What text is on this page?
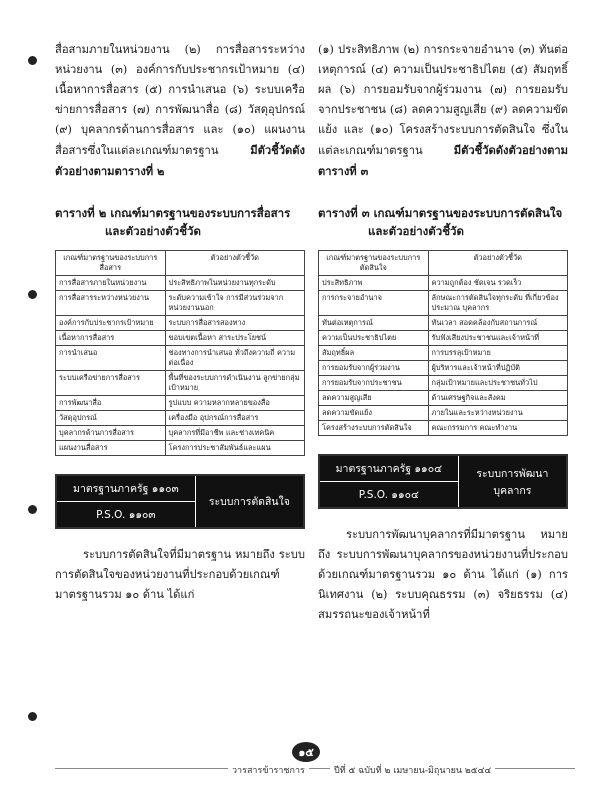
สื่อสามภายในหน่วยงาน (๒) การสื่อสารระหว่างหน่วยงาน (๓) องค์การกับประชากรเป้าหมาย (๔) เนื้อหาการสื่อสาร (๕) การนำเสนอ (๖) ระบบเครือข่ายการสื่อสาร (๗) การพัฒนาสื่อ (๘) วัสดุอุปกรณ์ (๙) บุคลากรด้านการสื่อสาร และ (๑๐) แผนงานสื่อสารซึ่งในแต่ละเกณฑ์มาตรฐาน	มีตัวชี้วัดดังตัวอย่างตามตารางที่ ๒

ตารางที่ ๒ เกณฑ์มาตรฐานของระบบการสื่อสาร
และตัวอย่างตัวชี้วัด

เกณฑ์มาตรฐานของระบบการสื่อสาร	ตัวอย่างตัวชี้วัด
การสื่อสารภายในหน่วยงาน	ประสิทธิภาพในหน่วยงานทุกระดับ
การสื่อสารระหว่างหน่วยงาน	ระดับความเข้าใจ การมีส่วนร่วมจากหน่วยงานนอก
องค์การกับประชากรเป้าหมาย	ระบบการสื่อสารสองทาง
เนื้อหาการสื่อสาร	ขอบเขตเนื้อหา สาระประโยชน์
การนำเสนอ	ช่องทางการนำเสนอ ทั่วถึงความถี่ ความต่อเนื่อง
ระบบเครือข่ายการสื่อสาร	พื้นที่ของระบบการดำเนินงาน ลูกข่ายกลุ่มเป้าหมาย
การพัฒนาสื่อ	รูปแบบ ความหลากหลายของสื่อ
วัสดุอุปกรณ์	เครื่องมือ อุปกรณ์การสื่อสาร
บุคลากรด้านการสื่อสาร	บุคลากรที่มีอาชีพ และช่างเทคนิค
แผนงานสื่อสาร	โครงการประชาสัมพันธ์และแผน
มาตรฐานภาครัฐ ๑๑๐๓
P.S.O. ๑๑๐๓
ระบบการตัดสินใจ

ระบบการตัดสินใจที่มีมาตรฐาน หมายถึง ระบบการตัดสินใจของหน่วยงานที่ประกอบด้วยเกณฑ์มาตรฐานรวม ๑๐ ด้าน ได้แก่

(๑) ประสิทธิภาพ (๒) การกระจายอำนาจ (๓) ทันต่อเหตุการณ์ (๔) ความเป็นประชาธิปไตย (๕) สัมฤทธิ์ผล (๖) การยอมรับจากผู้ร่วมงาน (๗) การยอมรับจากประชาชน (๘) ลดความสูญเสีย (๙) ลดความขัดแย้ง และ (๑๐) โครงสร้างระบบการตัดสินใจ ซึ่งในแต่ละเกณฑ์มาตรฐาน	มีตัวชี้วัดดังตัวอย่างตามตารางที่ ๓

ตารางที่ ๓ เกณฑ์มาตรฐานของระบบการตัดสินใจ
และตัวอย่างตัวชี้วัด

เกณฑ์มาตรฐานของระบบการตัดสินใจ	ตัวอย่างตัวชี้วัด
ประสิทธิภาพ	ความถูกต้อง ชัดเจน รวดเร็ว
การกระจายอำนาจ	ลักษณะการตัดสินใจทุกระดับ ที่เกี่ยวข้อง ประมาณ บุคลากร
ทันต่อเหตุการณ์	ทันเวลา สอดคล้องกับสถานการณ์
ความเป็นประชาธิปไตย	รับฟังเสียงประชาชนและเจ้าหน้าที่
สัมฤทธิ์ผล	การบรรลุเป้าหมาย
การยอมรับจากผู้ร่วมงาน	ผู้บริหารและเจ้าหน้าที่ปฏิบัติ
การยอมรับจากประชาชน	กลุ่มเป้าหมายและประชาชนทั่วไป
ลดความสูญเสีย	ด้านเศรษฐกิจและสังคม
ลดความขัดแย้ง	ภายในและระหว่างหน่วยงาน
โครงสร้างระบบการตัดสินใจ	คณะกรรมการ คณะทำงาน
มาตรฐานภาครัฐ ๑๑๐๔
P.S.O. ๑๑๐๔
ระบบการพัฒนาบุคลากร

ระบบการพัฒนาบุคลากรที่มีมาตรฐาน หมายถึง ระบบการพัฒนาบุคลากรของหน่วยงานที่ประกอบด้วยเกณฑ์มาตรฐานรวม ๑๐ ด้าน ได้แก่ (๑) การนิเทศงาน (๒) ระบบคุณธรรม (๓) จริยธรรม (๔) สมรรถนะของเจ้าหน้าที่

๑๕
วารสารข้าราชการ	ปีที่ ๕ ฉบับที่ ๒ เมษายน-มิถุนายน ๒๕๔๔
